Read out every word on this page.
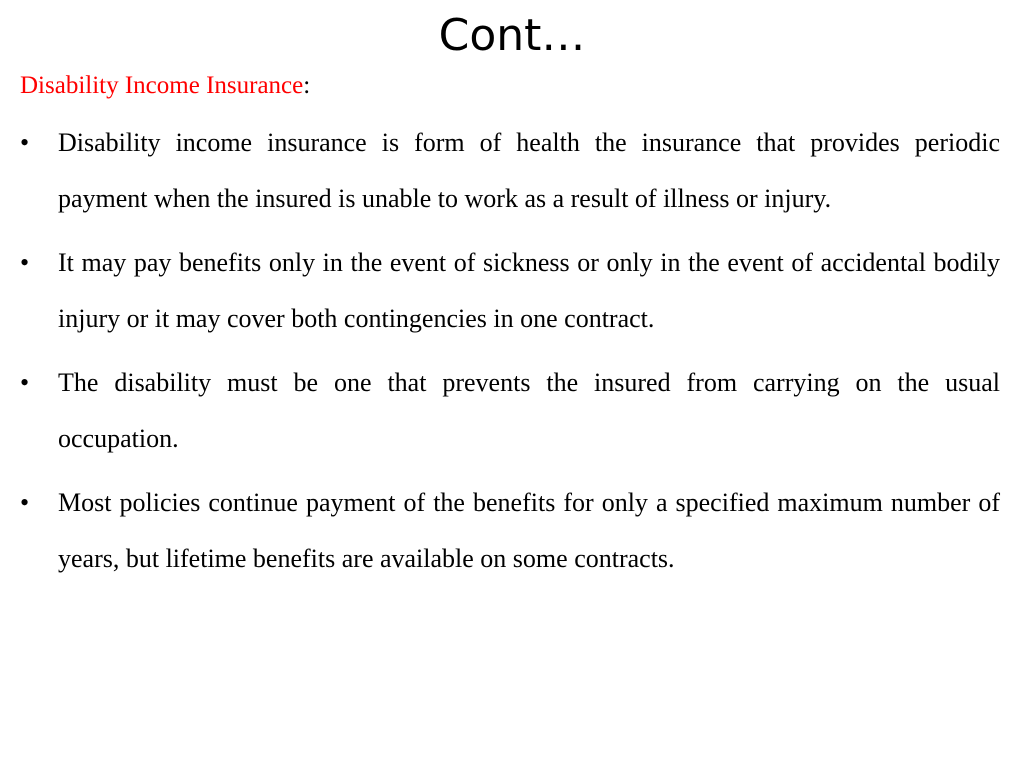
Cont…
Disability Income Insurance:
• Disability income insurance is form of health the insurance that provides periodic payment when the insured is unable to work as a result of illness or injury.
• It may pay benefits only in the event of sickness or only in the event of accidental bodily injury or it may cover both contingencies in one contract.
• The disability must be one that prevents the insured from carrying on the usual occupation.
• Most policies continue payment of the benefits for only a specified maximum number of years, but lifetime benefits are available on some contracts.
